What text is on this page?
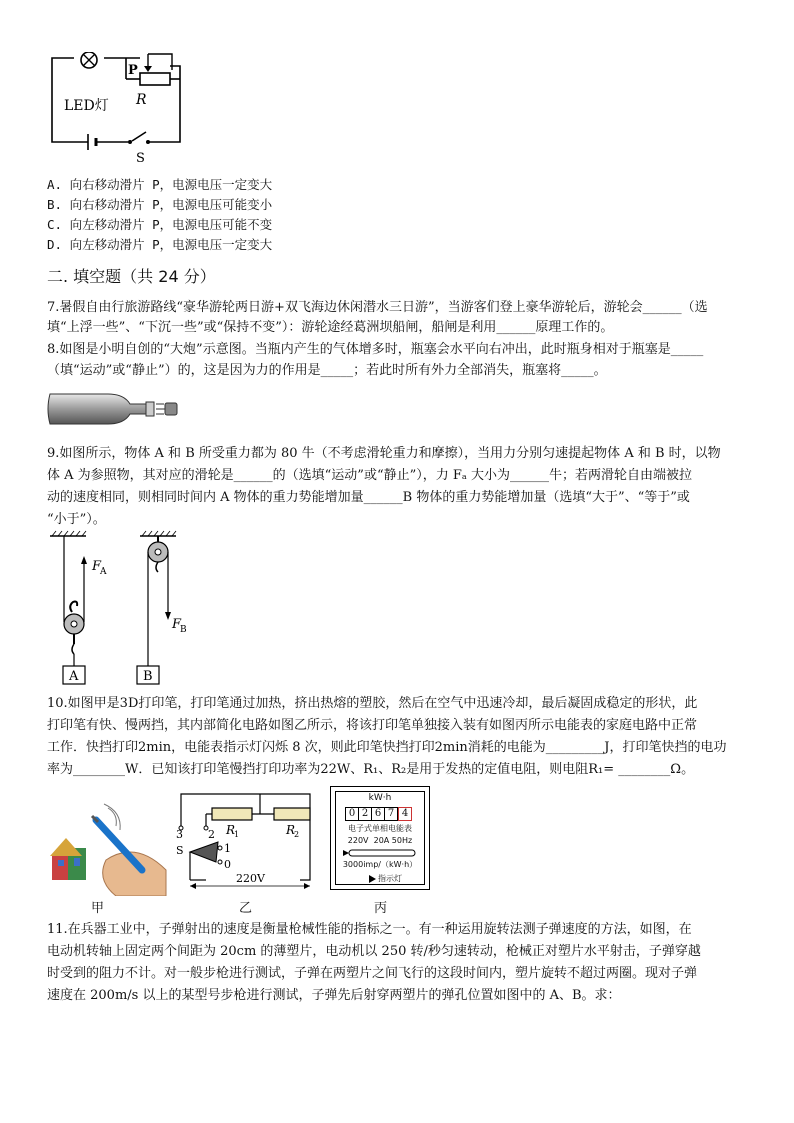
LED灯
P
R
S
A. 向右移动滑片 P，电源电压一定变大
B. 向右移动滑片 P，电源电压可能变小
C. 向左移动滑片 P，电源电压可能不变
D. 向左移动滑片 P，电源电压一定变大
二. 填空题（共 24 分）
7.暑假自由行旅游路线“豪华游轮两日游+双飞海边休闲潜水三日游”，当游客们登上豪华游轮后，游轮会______（选
填“上浮一些”、“下沉一些”或“保持不变”）：游轮途经葛洲坝船闸，船闸是利用______原理工作的。
8.如图是小明自创的“大炮”示意图。当瓶内产生的气体增多时，瓶塞会水平向右冲出，此时瓶身相对于瓶塞是_____
（填“运动”或“静止”）的，这是因为力的作用是_____；若此时所有外力全部消失，瓶塞将_____。
9.如图所示，物体 A 和 B 所受重力都为 80 牛（不考虑滑轮重力和摩擦），当用力分别匀速提起物体 A 和 B 时，以物
体 A 为参照物，其对应的滑轮是______的（选填“运动”或“静止”），力 Fₐ 大小为______牛；若两滑轮自由端被拉
动的速度相同，则相同时间内 A 物体的重力势能增加量______B 物体的重力势能增加量（选填“大于”、“等于”或
“小于”）。
F
A
F
B
A	B
10.如图甲是3D打印笔，打印笔通过加热，挤出热熔的塑胶，然后在空气中迅速冷却，最后凝固成稳定的形状，此
打印笔有快、慢两挡，其内部简化电路如图乙所示，将该打印笔单独接入装有如图丙所示电能表的家庭电路中正常
工作．快挡打印2min，电能表指示灯闪烁 8 次，则此印笔快挡打印2min消耗的电能为_________J，打印笔快挡的电功
率为________W．已知该打印笔慢挡打印功率为22W、R₁、R₂是用于发热的定值电阻，则电阻R₁= ________Ω。
3 2 R
1	R
2
S	1
0
220V
kW·h
0 2 6 7 4
电子式单相电能表
220V  20A 50Hz
3000imp/（kW·h）
指示灯
甲	乙	丙
11.在兵器工业中，子弹射出的速度是衡量枪械性能的指标之一。有一种运用旋转法测子弹速度的方法，如图，在
电动机转轴上固定两个间距为 20cm 的薄塑片，电动机以 250 转/秒匀速转动，枪械正对塑片水平射击，子弹穿越
时受到的阻力不计。对一般步枪进行测试，子弹在两塑片之间飞行的这段时间内，塑片旋转不超过两圈。现对子弹
速度在 200m/s 以上的某型号步枪进行测试，子弹先后射穿两塑片的弹孔位置如图中的 A、B。求：
